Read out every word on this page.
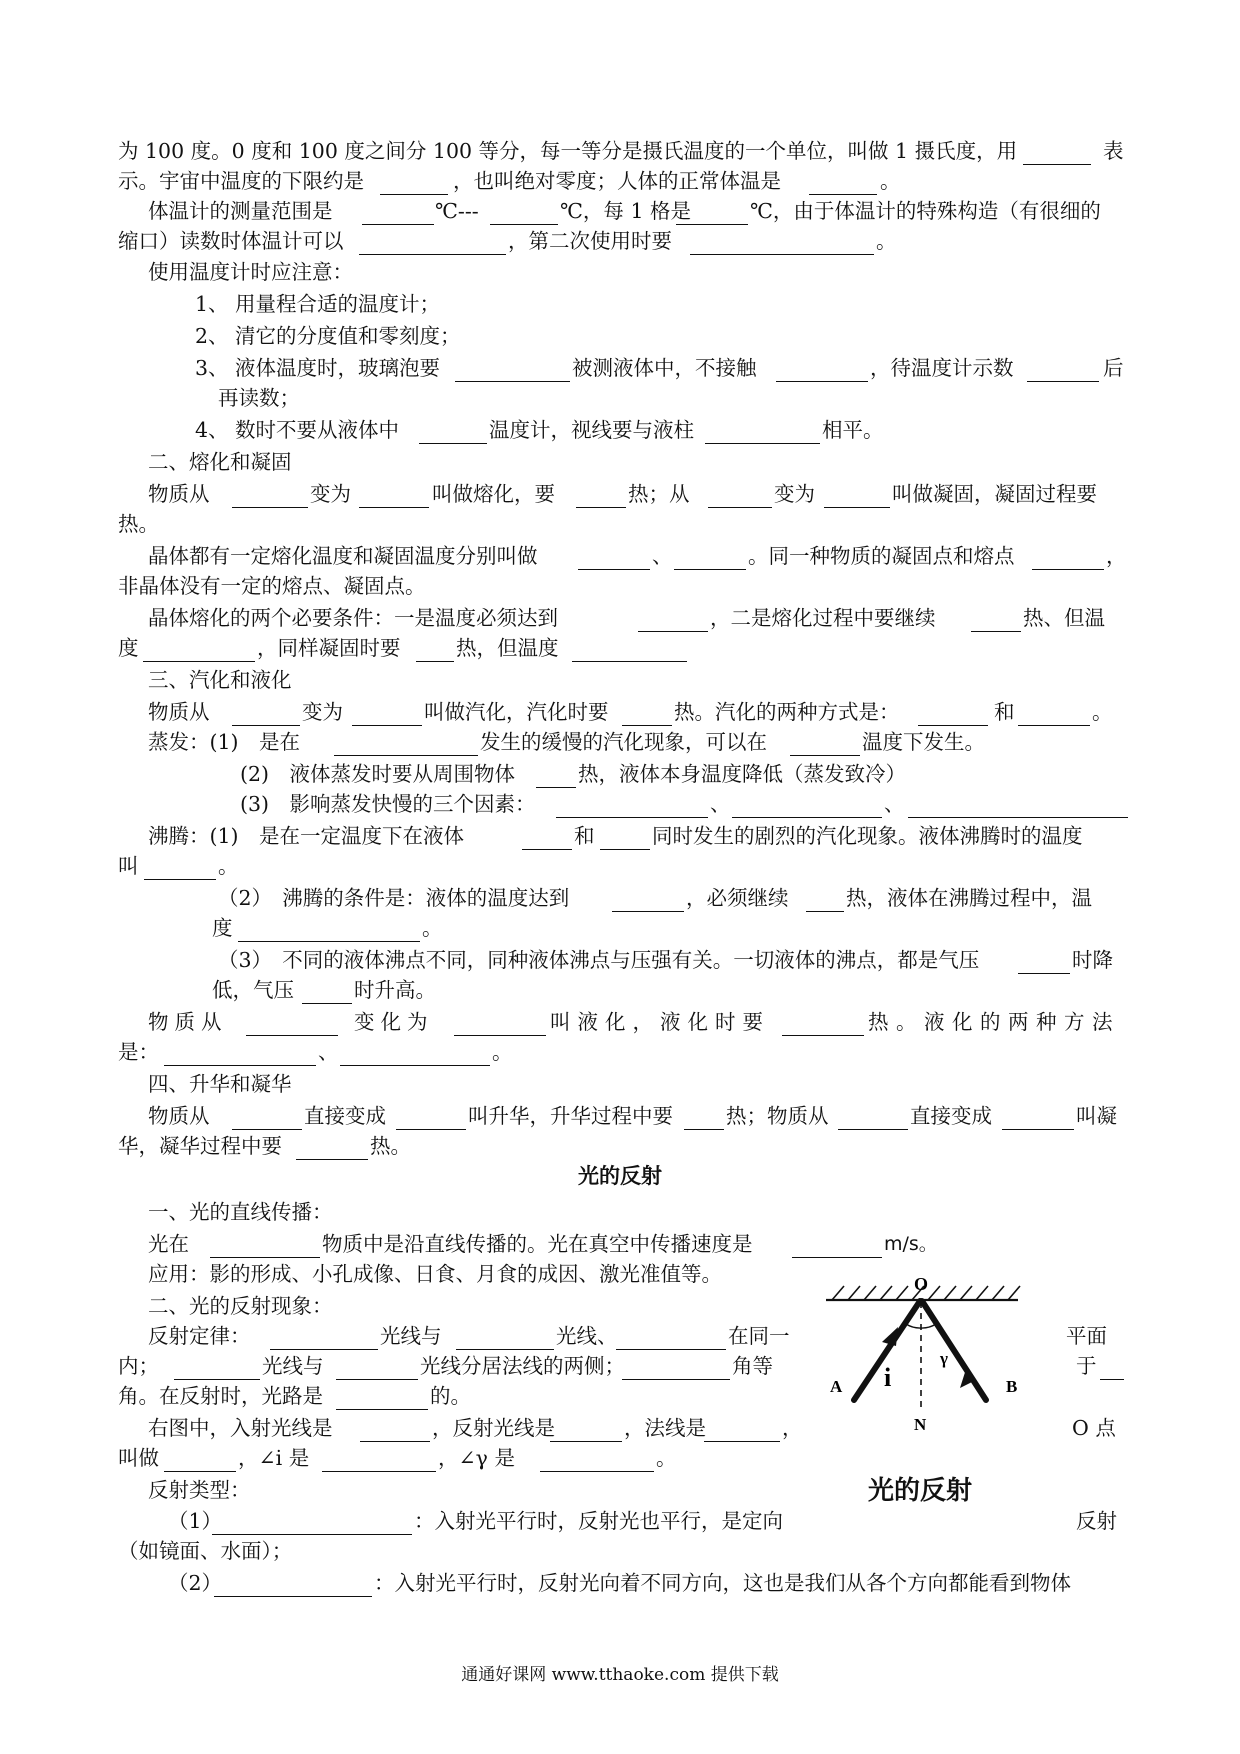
为 100 度。0 度和 100 度之间分 100 等分，每一等分是摄氏温度的一个单位，叫做 1 摄氏度，用	表
示。宇宙中温度的下限约是	，也叫绝对零度；人体的正常体温是	。
体温计的测量范围是	℃---	℃，每 1 格是	℃，由于体温计的特殊构造（有很细的
缩口）读数时体温计可以	，第二次使用时要	。
使用温度计时应注意：
1、 用量程合适的温度计；
2、 清它的分度值和零刻度；
3、 液体温度时，玻璃泡要	被测液体中，不接触	，待温度计示数	后
再读数；
4、 数时不要从液体中	温度计，视线要与液柱	相平。
二、熔化和凝固
物质从	变为	叫做熔化，要	热；从	变为	叫做凝固，凝固过程要
热。
晶体都有一定熔化温度和凝固温度分别叫做	、	。同一种物质的凝固点和熔点	，
非晶体没有一定的熔点、凝固点。
晶体熔化的两个必要条件：一是温度必须达到	，二是熔化过程中要继续	热、但温
度	，同样凝固时要	热，但温度
三、汽化和液化
物质从	变为	叫做汽化，汽化时要	热。汽化的两种方式是：	和	。
蒸发：(1)　是在	发生的缓慢的汽化现象，可以在	温度下发生。
(2)　液体蒸发时要从周围物体	热，液体本身温度降低（蒸发致冷）
(3)　影响蒸发快慢的三个因素：	、	、
沸腾：(1)　是在一定温度下在液体	和	同时发生的剧烈的汽化现象。液体沸腾时的温度
叫	。
（2）　沸腾的条件是：液体的温度达到	，必须继续	热，液体在沸腾过程中，温
度	。
（3）　不同的液体沸点不同，同种液体沸点与压强有关。一切液体的沸点，都是气压	时降
低，气压	时升高。
物质从	变化为	叫液化，液化时要	热。液化的两种方法
是：	、	。
四、升华和凝华
物质从	直接变成	叫升华，升华过程中要	热；物质从	直接变成	叫凝
华，凝华过程中要	热。
光的反射
一、光的直线传播：
光在	物质中是沿直线传播的。光在真空中传播速度是	m/s。
应用：影的形成、小孔成像、日食、月食的成因、激光准值等。
二、光的反射现象：
反射定律：	光线与	光线、	在同一	平面
内；	光线与	光线分居法线的两侧；	角等	于
角。在反射时，光路是	的。
右图中，入射光线是	，反射光线是	，法线是	，	O 点
叫做	，∠i 是	，∠γ 是	。
反射类型：
（1）	：入射光平行时，反射光也平行，是定向	反射
（如镜面、水面）；
（2）	：入射光平行时，反射光向着不同方向，这也是我们从各个方向都能看到物体
O
A	B
N
i
γ
光的反射
通通好课网 www.tthaoke.com 提供下载
